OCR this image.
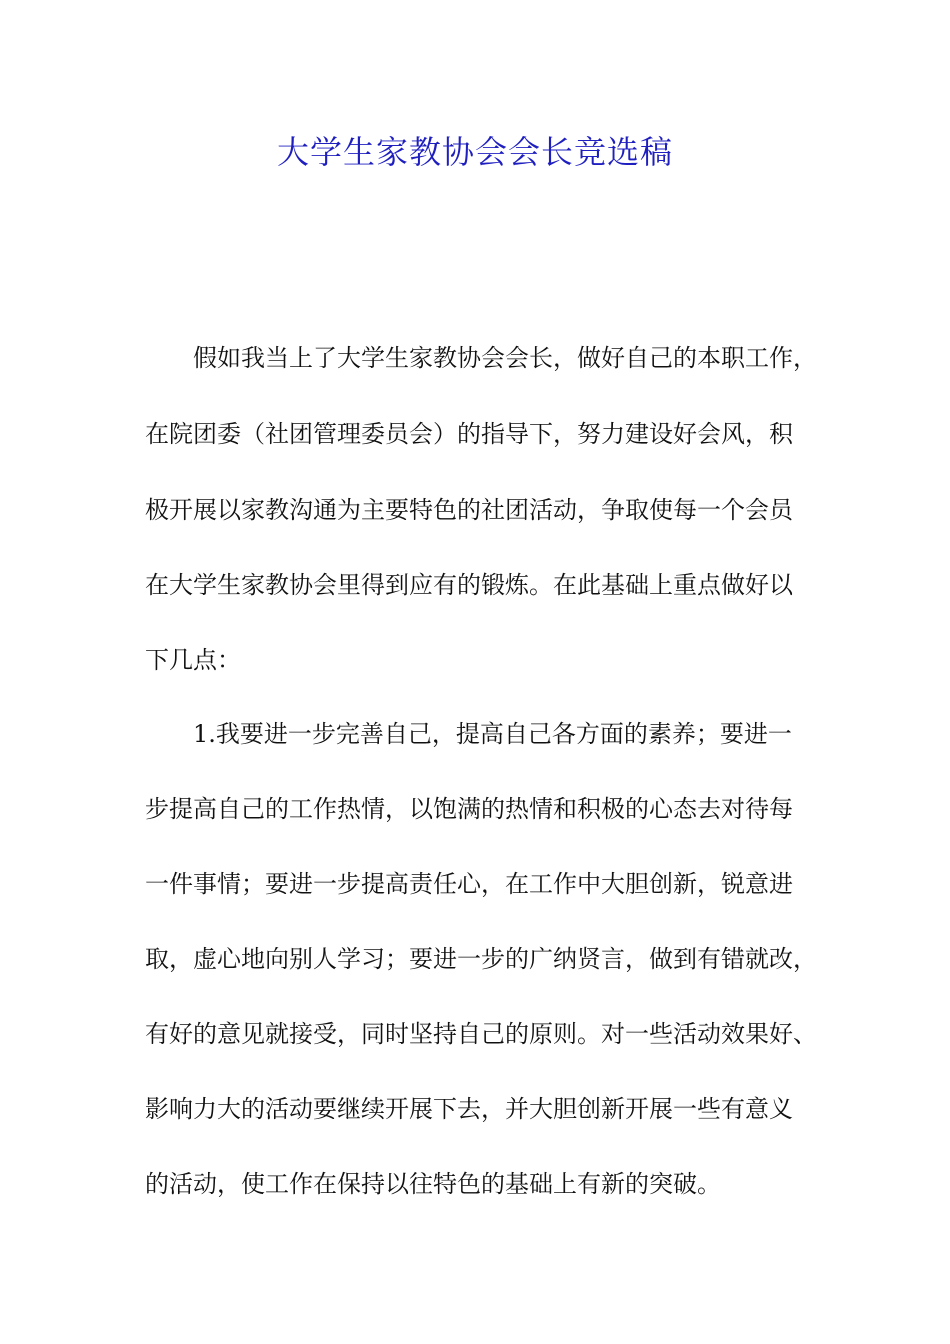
大学生家教协会会长竞选稿
假如我当上了大学生家教协会会长，做好自己的本职工作，
在院团委（社团管理委员会）的指导下，努力建设好会风，积
极开展以家教沟通为主要特色的社团活动，争取使每一个会员
在大学生家教协会里得到应有的锻炼。在此基础上重点做好以
下几点：
1.我要进一步完善自己，提高自己各方面的素养；要进一
步提高自己的工作热情，以饱满的热情和积极的心态去对待每
一件事情；要进一步提高责任心，在工作中大胆创新，锐意进
取，虚心地向别人学习；要进一步的广纳贤言，做到有错就改，
有好的意见就接受，同时坚持自己的原则。对一些活动效果好、
影响力大的活动要继续开展下去，并大胆创新开展一些有意义
的活动，使工作在保持以往特色的基础上有新的突破。
